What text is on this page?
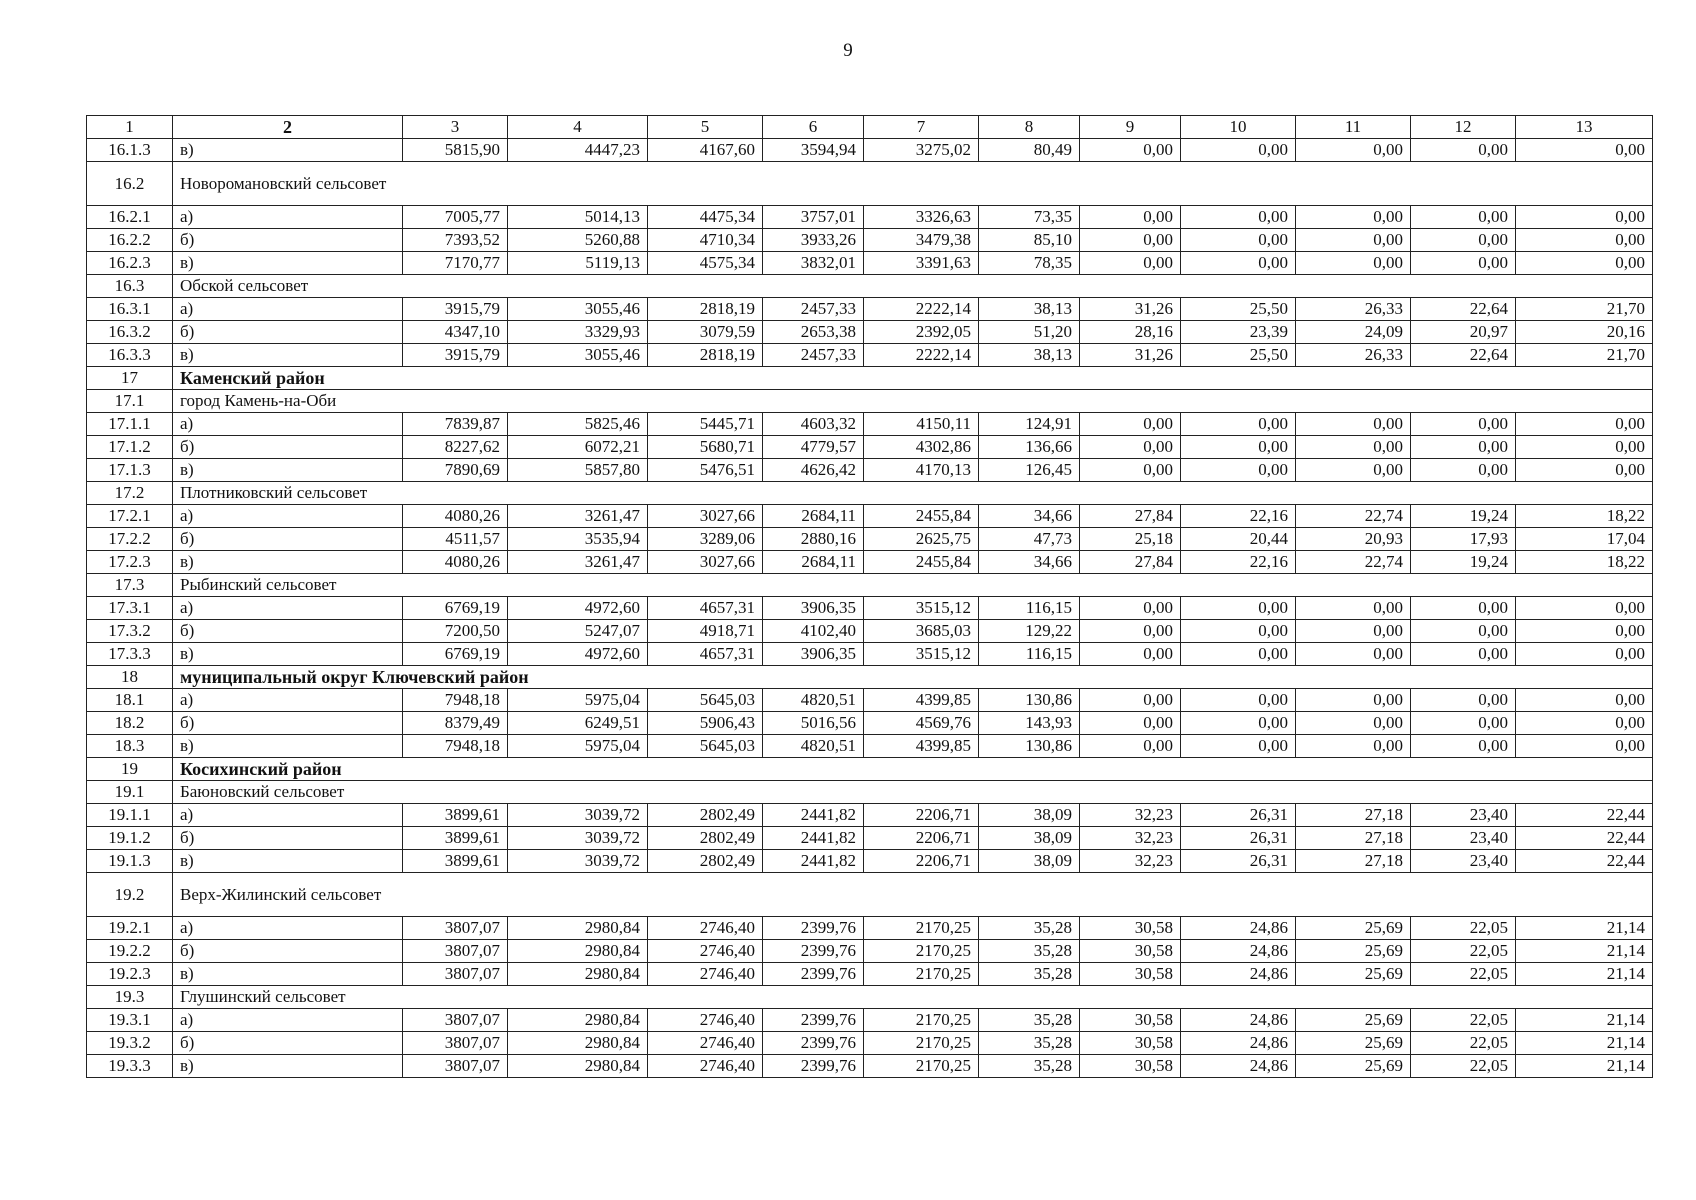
9
1	2	3	4	5	6	7	8	9	10	11	12	13
16.1.3	в)	5815,90	4447,23	4167,60	3594,94	3275,02	80,49	0,00	0,00	0,00	0,00	0,00
16.2	Новоромановский сельсовет											
16.2.1	а)	7005,77	5014,13	4475,34	3757,01	3326,63	73,35	0,00	0,00	0,00	0,00	0,00
16.2.2	б)	7393,52	5260,88	4710,34	3933,26	3479,38	85,10	0,00	0,00	0,00	0,00	0,00
16.2.3	в)	7170,77	5119,13	4575,34	3832,01	3391,63	78,35	0,00	0,00	0,00	0,00	0,00
16.3	Обской сельсовет											
16.3.1	а)	3915,79	3055,46	2818,19	2457,33	2222,14	38,13	31,26	25,50	26,33	22,64	21,70
16.3.2	б)	4347,10	3329,93	3079,59	2653,38	2392,05	51,20	28,16	23,39	24,09	20,97	20,16
16.3.3	в)	3915,79	3055,46	2818,19	2457,33	2222,14	38,13	31,26	25,50	26,33	22,64	21,70
17	Каменский район											
17.1	город Камень-на-Оби											
17.1.1	а)	7839,87	5825,46	5445,71	4603,32	4150,11	124,91	0,00	0,00	0,00	0,00	0,00
17.1.2	б)	8227,62	6072,21	5680,71	4779,57	4302,86	136,66	0,00	0,00	0,00	0,00	0,00
17.1.3	в)	7890,69	5857,80	5476,51	4626,42	4170,13	126,45	0,00	0,00	0,00	0,00	0,00
17.2	Плотниковский сельсовет											
17.2.1	а)	4080,26	3261,47	3027,66	2684,11	2455,84	34,66	27,84	22,16	22,74	19,24	18,22
17.2.2	б)	4511,57	3535,94	3289,06	2880,16	2625,75	47,73	25,18	20,44	20,93	17,93	17,04
17.2.3	в)	4080,26	3261,47	3027,66	2684,11	2455,84	34,66	27,84	22,16	22,74	19,24	18,22
17.3	Рыбинский сельсовет											
17.3.1	а)	6769,19	4972,60	4657,31	3906,35	3515,12	116,15	0,00	0,00	0,00	0,00	0,00
17.3.2	б)	7200,50	5247,07	4918,71	4102,40	3685,03	129,22	0,00	0,00	0,00	0,00	0,00
17.3.3	в)	6769,19	4972,60	4657,31	3906,35	3515,12	116,15	0,00	0,00	0,00	0,00	0,00
18	муниципальный округ Ключевский район											
18.1	а)	7948,18	5975,04	5645,03	4820,51	4399,85	130,86	0,00	0,00	0,00	0,00	0,00
18.2	б)	8379,49	6249,51	5906,43	5016,56	4569,76	143,93	0,00	0,00	0,00	0,00	0,00
18.3	в)	7948,18	5975,04	5645,03	4820,51	4399,85	130,86	0,00	0,00	0,00	0,00	0,00
19	Косихинский район											
19.1	Баюновский сельсовет											
19.1.1	а)	3899,61	3039,72	2802,49	2441,82	2206,71	38,09	32,23	26,31	27,18	23,40	22,44
19.1.2	б)	3899,61	3039,72	2802,49	2441,82	2206,71	38,09	32,23	26,31	27,18	23,40	22,44
19.1.3	в)	3899,61	3039,72	2802,49	2441,82	2206,71	38,09	32,23	26,31	27,18	23,40	22,44
19.2	Верх-Жилинский сельсовет											
19.2.1	а)	3807,07	2980,84	2746,40	2399,76	2170,25	35,28	30,58	24,86	25,69	22,05	21,14
19.2.2	б)	3807,07	2980,84	2746,40	2399,76	2170,25	35,28	30,58	24,86	25,69	22,05	21,14
19.2.3	в)	3807,07	2980,84	2746,40	2399,76	2170,25	35,28	30,58	24,86	25,69	22,05	21,14
19.3	Глушинский сельсовет											
19.3.1	а)	3807,07	2980,84	2746,40	2399,76	2170,25	35,28	30,58	24,86	25,69	22,05	21,14
19.3.2	б)	3807,07	2980,84	2746,40	2399,76	2170,25	35,28	30,58	24,86	25,69	22,05	21,14
19.3.3	в)	3807,07	2980,84	2746,40	2399,76	2170,25	35,28	30,58	24,86	25,69	22,05	21,14
